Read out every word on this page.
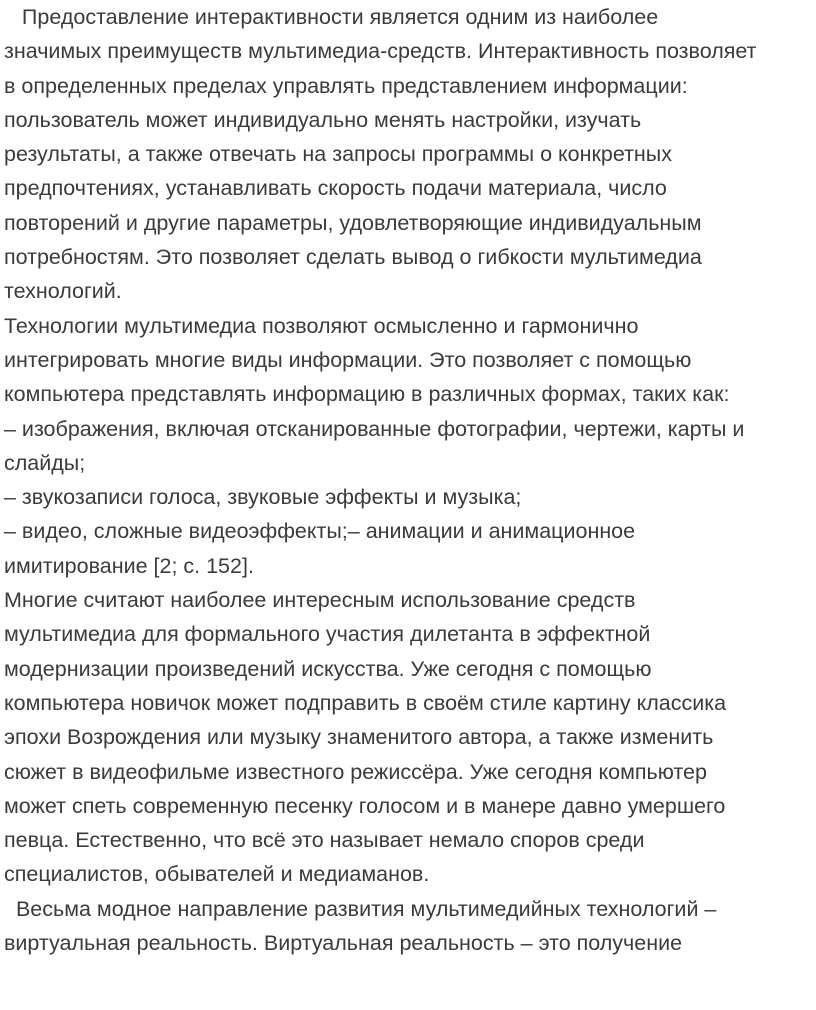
Предоставление интерактивности является одним из наиболее
значимых преимуществ мультимедиа-средств. Интерактивность позволяет
в определенных пределах управлять представлением информации:
пользователь может индивидуально менять настройки, изучать
результаты, а также отвечать на запросы программы о конкретных
предпочтениях, устанавливать скорость подачи материала, число
повторений и другие параметры, удовлетворяющие индивидуальным
потребностям. Это позволяет сделать вывод о гибкости мультимедиа
технологий.
Технологии мультимедиа позволяют осмысленно и гармонично
интегрировать многие виды информации. Это позволяет с помощью
компьютера представлять информацию в различных формах, таких как:
– изображения, включая отсканированные фотографии, чертежи, карты и
слайды;
– звукозаписи голоса, звуковые эффекты и музыка;
– видео, сложные видеоэффекты;– анимации и анимационное
имитирование [2; с. 152].
Многие считают наиболее интересным использование средств
мультимедиа для формального участия дилетанта в эффектной
модернизации произведений искусства. Уже сегодня с помощью
компьютера новичок может подправить в своём стиле картину классика
эпохи Возрождения или музыку знаменитого автора, а также изменить
сюжет в видеофильме известного режиссёра. Уже сегодня компьютер
может спеть современную песенку голосом и в манере давно умершего
певца. Естественно, что всё это называет немало споров среди
специалистов, обывателей и медиаманов.
Весьма модное направление развития мультимедийных технологий –
виртуальная реальность. Виртуальная реальность – это получение
